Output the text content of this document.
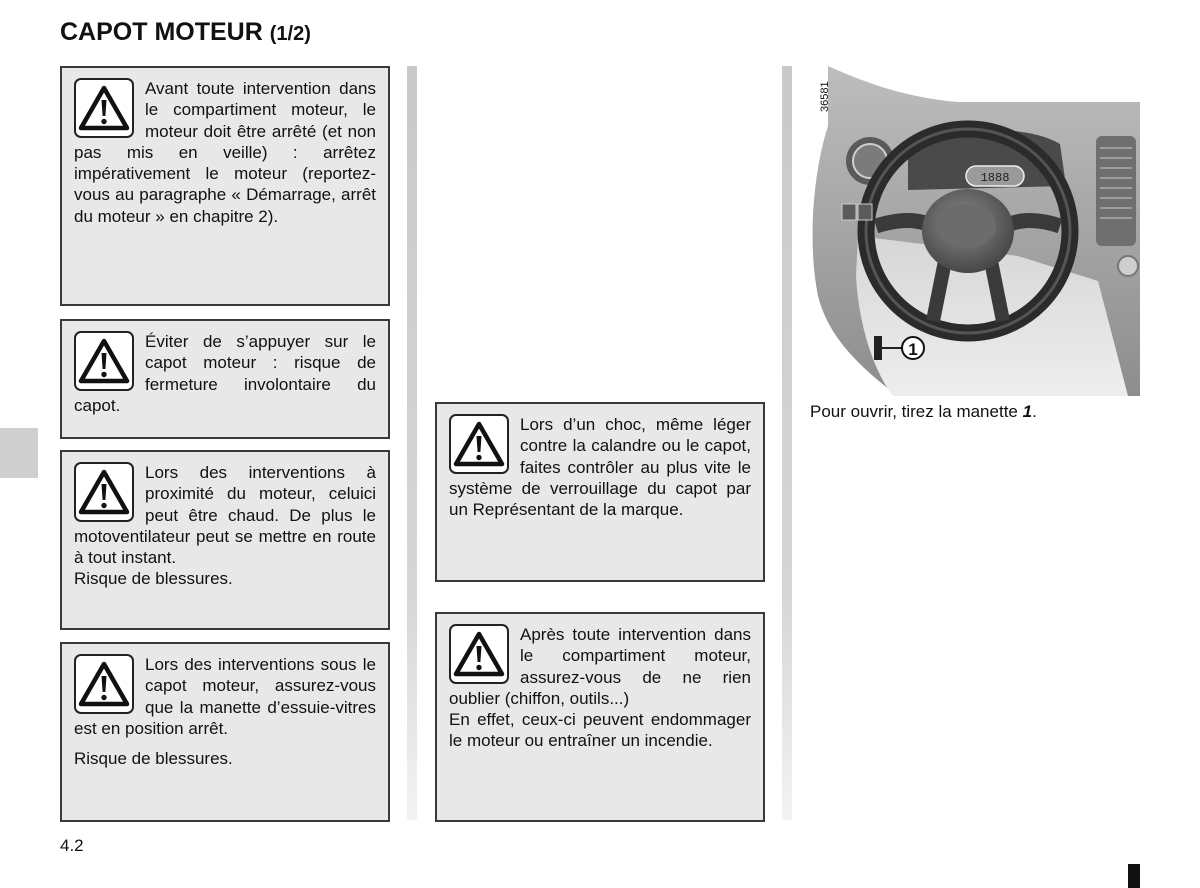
CAPOT MOTEUR (1/2)

Avant toute intervention dans le compartiment moteur, le moteur doit être arrêté (et non pas mis en veille) : arrêtez impérativement le moteur (reportez-vous au paragraphe « Démarrage, arrêt du moteur » en chapitre 2).

Éviter de s’appuyer sur le capot moteur : risque de fermeture involontaire du capot.

Lors des interventions à proximité du moteur, celuici peut être chaud. De plus le motoventilateur peut se mettre en route à tout instant.

Risque de blessures.

Lors des interventions sous le capot moteur, assurez-vous que la manette d’essuie-vitres est en position arrêt.

Risque de blessures.

Lors d’un choc, même léger contre la calandre ou le capot, faites contrôler au plus vite le système de verrouillage du capot par un Représentant de la marque.

Après toute intervention dans le compartiment moteur, assurez-vous de ne rien oublier (chiffon, outils...)

En effet, ceux-ci peuvent endommager le moteur ou entraîner un incendie.

1888
1
36581
Pour ouvrir, tirez la manette 1.
4.2
